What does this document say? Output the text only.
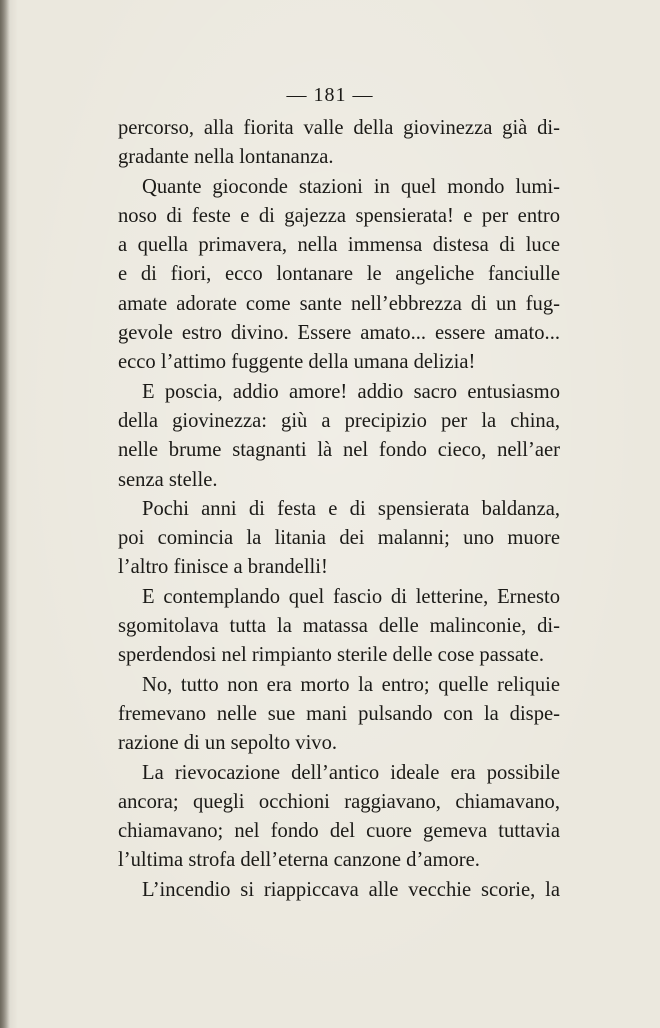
— 181 —
percorso, alla fiorita valle della giovinezza già di-
gradante nella lontananza.
Quante gioconde stazioni in quel mondo lumi-
noso di feste e di gajezza spensierata! e per entro
a quella primavera, nella immensa distesa di luce
e di fiori, ecco lontanare le angeliche fanciulle
amate adorate come sante nell’ebbrezza di un fug-
gevole estro divino. Essere amato... essere amato...
ecco l’attimo fuggente della umana delizia!
E poscia, addio amore! addio sacro entusiasmo
della giovinezza: giù a precipizio per la china,
nelle brume stagnanti là nel fondo cieco, nell’aer
senza stelle.
Pochi anni di festa e di spensierata baldanza,
poi comincia la litania dei malanni; uno muore
l’altro finisce a brandelli!
E contemplando quel fascio di letterine, Ernesto
sgomitolava tutta la matassa delle malinconie, di-
sperdendosi nel rimpianto sterile delle cose passate.
No, tutto non era morto la entro; quelle reliquie
fremevano nelle sue mani pulsando con la dispe-
razione di un sepolto vivo.
La rievocazione dell’antico ideale era possibile
ancora; quegli occhioni raggiavano, chiamavano,
chiamavano; nel fondo del cuore gemeva tuttavia
l’ultima strofa dell’eterna canzone d’amore.
L’incendio si riappiccava alle vecchie scorie, la
